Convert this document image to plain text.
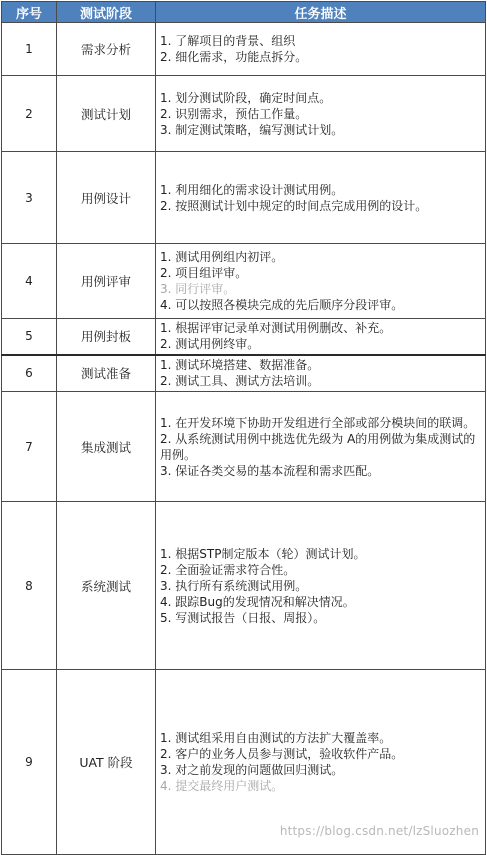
序号	测试阶段	任务描述
1	需求分析	1. 了解项目的背景、组织
2. 细化需求，功能点拆分。

2	测试计划	1. 划分测试阶段，确定时间点。
2. 识别需求，预估工作量。
3. 制定测试策略，编写测试计划。

3	用例设计	1. 利用细化的需求设计测试用例。
2. 按照测试计划中规定的时间点完成用例的设计。

4	用例评审	1. 测试用例组内初评。
2. 项目组评审。
3. 同行评审。
4. 可以按照各模块完成的先后顺序分段评审。

5	用例封板	1. 根据评审记录单对测试用例删改、补充。
2. 测试用例终审。

6	测试准备	1. 测试环境搭建、数据准备。
2. 测试工具、测试方法培训。

7	集成测试	1. 在开发环境下协助开发组进行全部或部分模块间的联调。
2. 从系统测试用例中挑选优先级为 A的用例做为集成测试的用例。
3. 保证各类交易的基本流程和需求匹配。

8	系统测试	1. 根据STP制定版本（轮）测试计划。
2. 全面验证需求符合性。
3. 执行所有系统测试用例。
4. 跟踪Bug的发现情况和解决情况。
5. 写测试报告（日报、周报）。

9	UAT 阶段	1. 测试组采用自由测试的方法扩大覆盖率。
2. 客户的业务人员参与测试，验收软件产品。
3. 对之前发现的问题做回归测试。
4. 提交最终用户测试。
https://blog.csdn.net/lzSluozhen
